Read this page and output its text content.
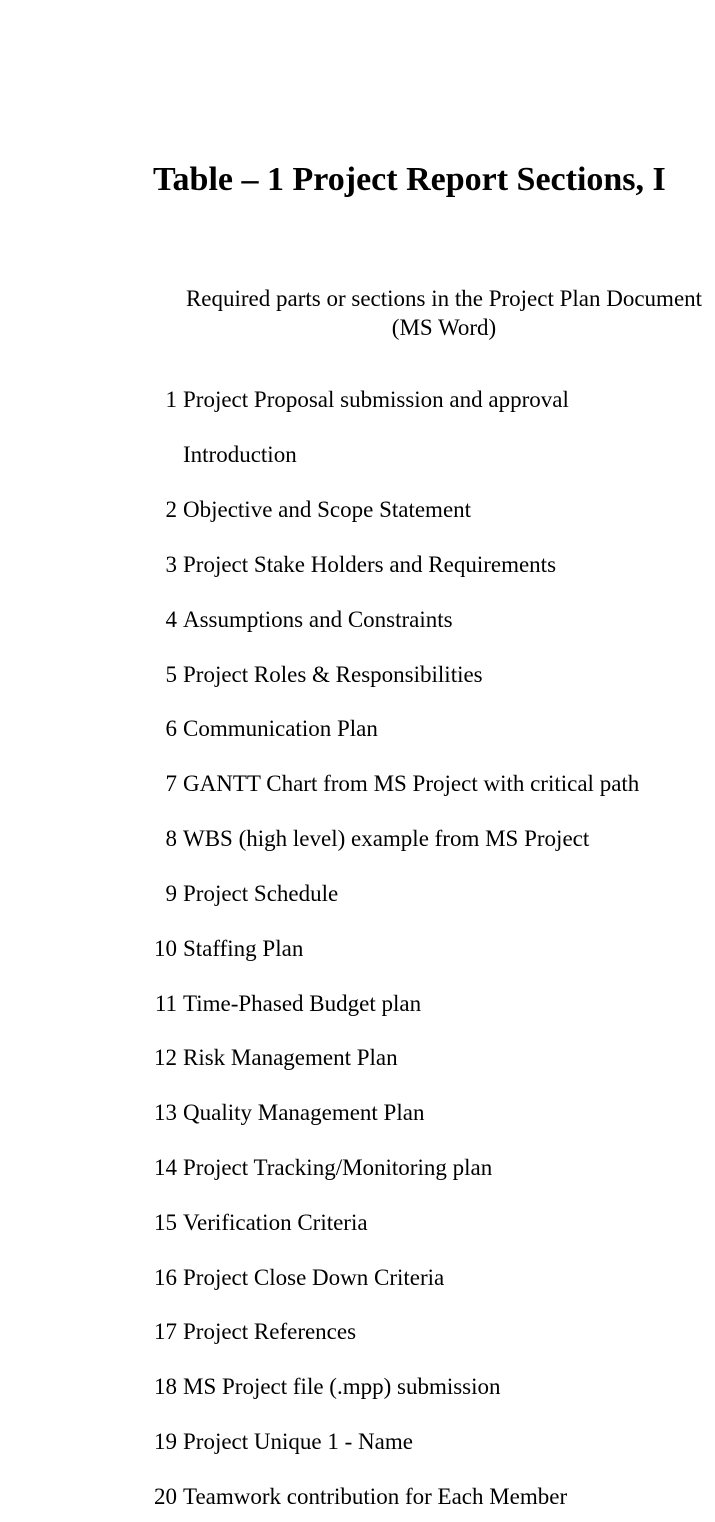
Table – 1 Project Report Sections, I
Required parts or sections in the Project Plan Document (MS Word)
1 Project Proposal submission and approval
Introduction
2 Objective and Scope Statement
3 Project Stake Holders and Requirements
4 Assumptions and Constraints
5 Project Roles & Responsibilities
6 Communication Plan
7 GANTT Chart from MS Project with critical path
8 WBS (high level) example from MS Project
9 Project Schedule
10 Staffing Plan
11 Time-Phased Budget plan
12 Risk Management Plan
13 Quality Management Plan
14 Project Tracking/Monitoring plan
15 Verification Criteria
16 Project Close Down Criteria
17 Project References
18 MS Project file (.mpp) submission
19 Project Unique 1 - Name
20 Teamwork contribution for Each Member
